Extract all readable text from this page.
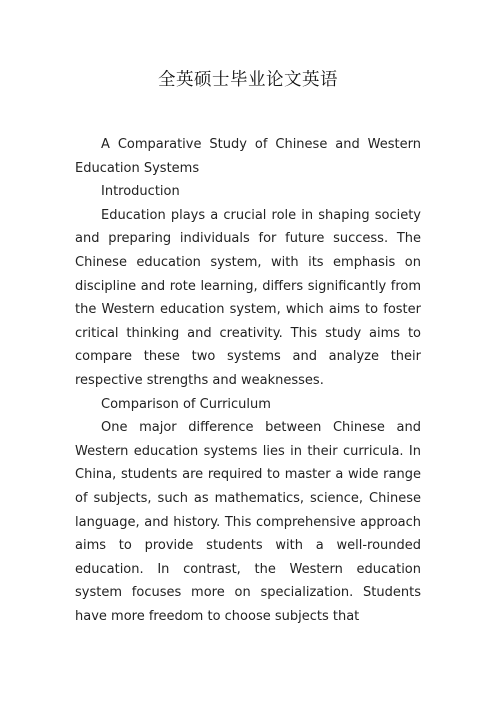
全英硕士毕业论文英语

A Comparative Study of Chinese and Western Education Systems

Introduction

Education plays a crucial role in shaping society and preparing individuals for future success. The Chinese education system, with its emphasis on discipline and rote learning, differs significantly from the Western education system, which aims to foster critical thinking and creativity. This study aims to compare these two systems and analyze their respective strengths and weaknesses.

Comparison of Curriculum

One major difference between Chinese and Western education systems lies in their curricula. In China, students are required to master a wide range of subjects, such as mathematics, science, Chinese language, and history. This comprehensive approach aims to provide students with a well-rounded education. In contrast, the Western education system focuses more on specialization. Students have more freedom to choose subjects that
